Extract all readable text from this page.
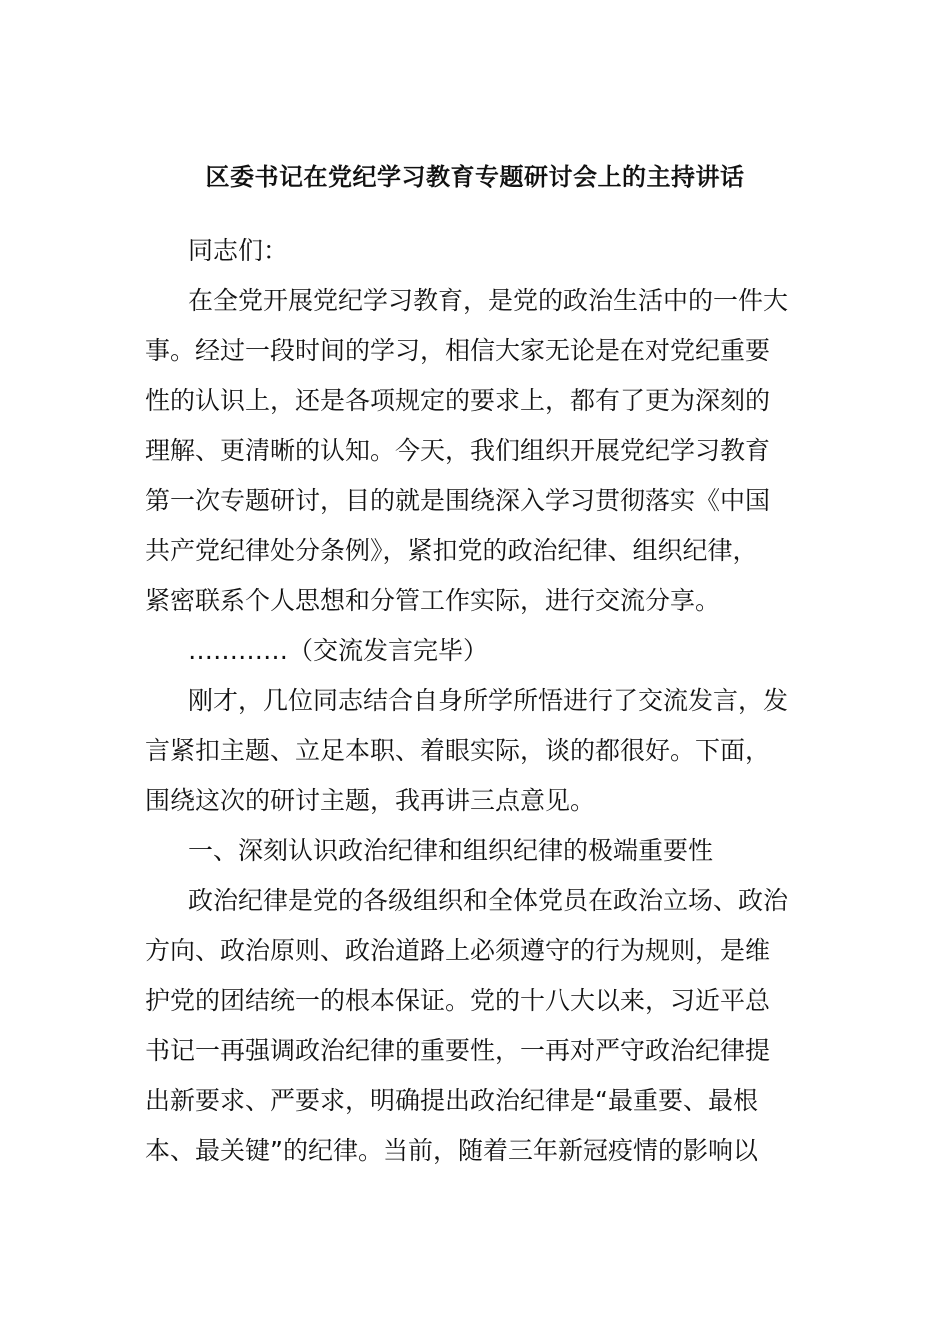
区委书记在党纪学习教育专题研讨会上的主持讲话
同志们：
在全党开展党纪学习教育，是党的政治生活中的一件大
事。经过一段时间的学习，相信大家无论是在对党纪重要
性的认识上，还是各项规定的要求上，都有了更为深刻的
理解、更清晰的认知。今天，我们组织开展党纪学习教育
第一次专题研讨，目的就是围绕深入学习贯彻落实《中国
共产党纪律处分条例》，紧扣党的政治纪律、组织纪律，
紧密联系个人思想和分管工作实际，进行交流分享。
…………（交流发言完毕）
刚才，几位同志结合自身所学所悟进行了交流发言，发
言紧扣主题、立足本职、着眼实际，谈的都很好。下面，
围绕这次的研讨主题，我再讲三点意见。
一、深刻认识政治纪律和组织纪律的极端重要性
政治纪律是党的各级组织和全体党员在政治立场、政治
方向、政治原则、政治道路上必须遵守的行为规则，是维
护党的团结统一的根本保证。党的十八大以来，习近平总
书记一再强调政治纪律的重要性，一再对严守政治纪律提
出新要求、严要求，明确提出政治纪律是“最重要、最根
本、最关键”的纪律。当前，随着三年新冠疫情的影响以
